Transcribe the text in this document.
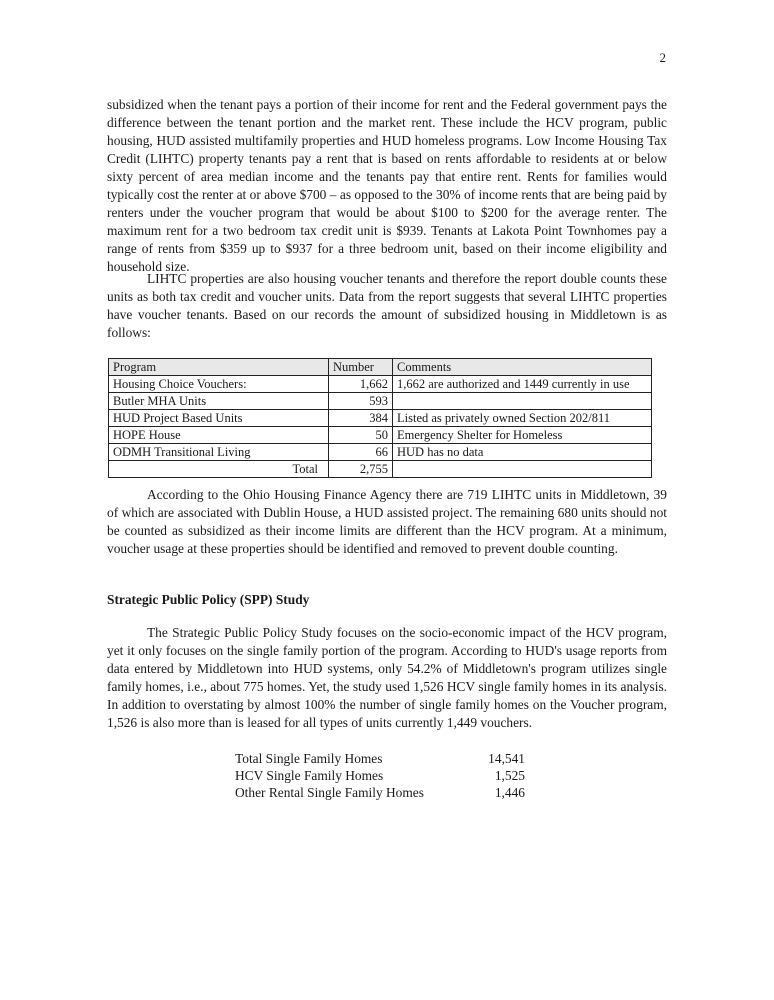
2

subsidized when the tenant pays a portion of their income for rent and the Federal government pays the difference between the tenant portion and the market rent. These include the HCV program, public housing, HUD assisted multifamily properties and HUD homeless programs. Low Income Housing Tax Credit (LIHTC) property tenants pay a rent that is based on rents affordable to residents at or below sixty percent of area median income and the tenants pay that entire rent. Rents for families would typically cost the renter at or above $700 – as opposed to the 30% of income rents that are being paid by renters under the voucher program that would be about $100 to $200 for the average renter. The maximum rent for a two bedroom tax credit unit is $939. Tenants at Lakota Point Townhomes pay a range of rents from $359 up to $937 for a three bedroom unit, based on their income eligibility and household size.

LIHTC properties are also housing voucher tenants and therefore the report double counts these units as both tax credit and voucher units. Data from the report suggests that several LIHTC properties have voucher tenants. Based on our records the amount of subsidized housing in Middletown is as follows:

Program	Number	Comments
Housing Choice Vouchers:	1,662	1,662 are authorized and 1449 currently in use
Butler MHA Units	593	
HUD Project Based Units	384	Listed as privately owned Section 202/811
HOPE House	50	Emergency Shelter for Homeless
ODMH Transitional Living	66	HUD has no data
Total	2,755	

According to the Ohio Housing Finance Agency there are 719 LIHTC units in Middletown, 39 of which are associated with Dublin House, a HUD assisted project. The remaining 680 units should not be counted as subsidized as their income limits are different than the HCV program. At a minimum, voucher usage at these properties should be identified and removed to prevent double counting.

Strategic Public Policy (SPP) Study

The Strategic Public Policy Study focuses on the socio-economic impact of the HCV program, yet it only focuses on the single family portion of the program. According to HUD's usage reports from data entered by Middletown into HUD systems, only 54.2% of Middletown's program utilizes single family homes, i.e., about 775 homes. Yet, the study used 1,526 HCV single family homes in its analysis. In addition to overstating by almost 100% the number of single family homes on the Voucher program, 1,526 is also more than is leased for all types of units currently 1,449 vouchers.

Total Single Family Homes	14,541
HCV Single Family Homes	1,525
Other Rental Single Family Homes	1,446
